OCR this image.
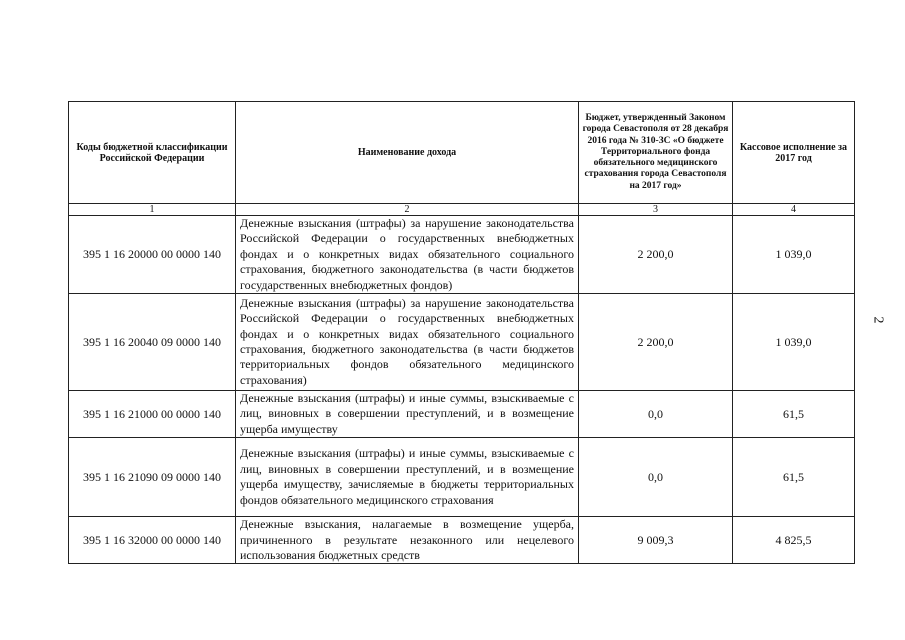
Коды бюджетной классификации Российской Федерации	Наименование дохода	Бюджет, утвержденный Законом города Севастополя от 28 декабря 2016 года № 310-ЗС «О бюджете Территориального фонда обязательного медицинского страхования города Севастополя на 2017 год»	Кассовое исполнение за 2017 год
1	2	3	4
395 1 16 20000 00 0000 140	Денежные взыскания (штрафы) за нарушение законодательства Российской Федерации о государственных внебюджетных фондах и о конкретных видах обязательного социального страхования, бюджетного законодательства (в части бюджетов государственных внебюджетных фондов)	2 200,0	1 039,0
395 1 16 20040 09 0000 140	Денежные взыскания (штрафы) за нарушение законодательства Российской Федерации о государственных внебюджетных фондах и о конкретных видах обязательного социального страхования, бюджетного законодательства (в части бюджетов территориальных фондов обязательного медицинского страхования)	2 200,0	1 039,0
395 1 16 21000 00 0000 140	Денежные взыскания (штрафы) и иные суммы, взыскиваемые с лиц, виновных в совершении преступлений, и в возмещение ущерба имуществу	0,0	61,5
395 1 16 21090 09 0000 140	Денежные взыскания (штрафы) и иные суммы, взыскиваемые с лиц, виновных в совершении преступлений, и в возмещение ущерба имуществу, зачисляемые в бюджеты территориальных фондов обязательного медицинского страхования	0,0	61,5
395 1 16 32000 00 0000 140	Денежные взыскания, налагаемые в возмещение ущерба, причиненного в результате незаконного или нецелевого использования бюджетных средств	9 009,3	4 825,5
2
